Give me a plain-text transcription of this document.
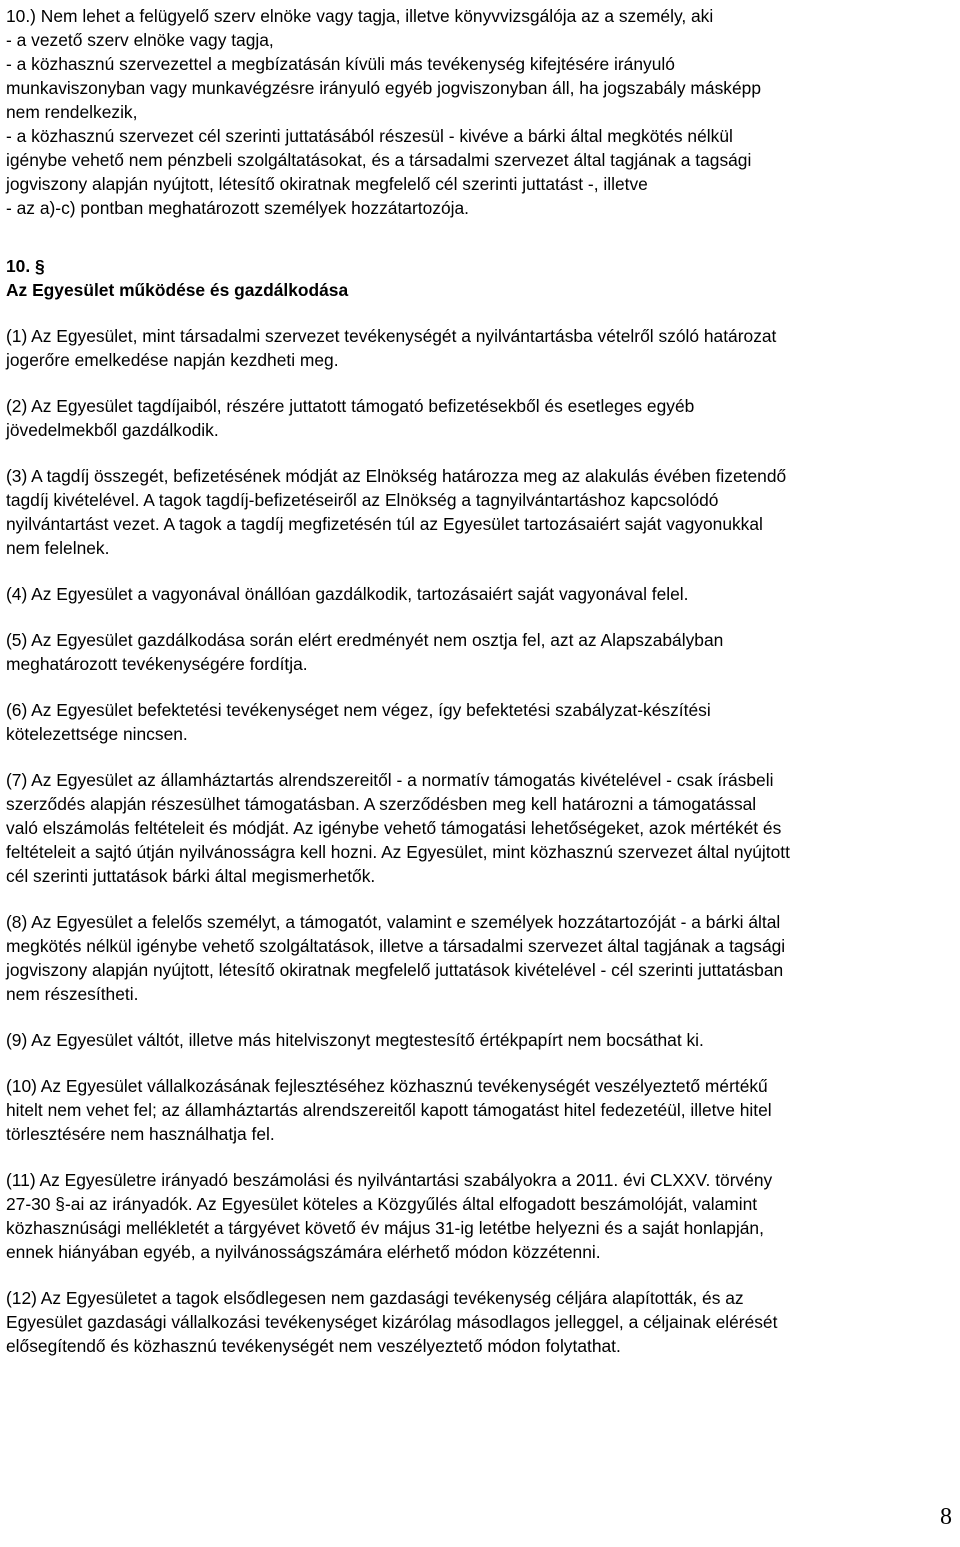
10.) Nem lehet a felügyelő szerv elnöke vagy tagja, illetve könyvvizsgálója az a személy, aki
- a vezető szerv elnöke vagy tagja,
- a közhasznú szervezettel a megbízatásán kívüli más tevékenység kifejtésére irányuló
munkaviszonyban vagy munkavégzésre irányuló egyéb jogviszonyban áll, ha jogszabály másképp
nem rendelkezik,
- a közhasznú szervezet cél szerinti juttatásából részesül - kivéve a bárki által megkötés nélkül
igénybe vehető nem pénzbeli szolgáltatásokat, és a társadalmi szervezet által tagjának a tagsági
jogviszony alapján nyújtott, létesítő okiratnak megfelelő cél szerinti juttatást -, illetve
- az a)-c) pontban meghatározott személyek hozzátartozója.
10. §
Az Egyesület működése és gazdálkodása
(1) Az Egyesület, mint társadalmi szervezet tevékenységét a nyilvántartásba vételről szóló határozat
jogerőre emelkedése napján kezdheti meg.
(2) Az Egyesület tagdíjaiból, részére juttatott támogató befizetésekből és esetleges egyéb
jövedelmekből gazdálkodik.
(3) A tagdíj összegét, befizetésének módját az Elnökség határozza meg az alakulás évében fizetendő
tagdíj kivételével. A tagok tagdíj-befizetéseiről az Elnökség a tagnyilvántartáshoz kapcsolódó
nyilvántartást vezet. A tagok a tagdíj megfizetésén túl az Egyesület tartozásaiért saját vagyonukkal
nem felelnek.
(4) Az Egyesület a vagyonával önállóan gazdálkodik, tartozásaiért saját vagyonával felel.
(5) Az Egyesület gazdálkodása során elért eredményét nem osztja fel, azt az Alapszabályban
meghatározott tevékenységére fordítja.
(6) Az Egyesület befektetési tevékenységet nem végez, így befektetési szabályzat-készítési
kötelezettsége nincsen.
(7) Az Egyesület az államháztartás alrendszereitől - a normatív támogatás kivételével - csak írásbeli
szerződés alapján részesülhet támogatásban. A szerződésben meg kell határozni a támogatással
való elszámolás feltételeit és módját. Az igénybe vehető támogatási lehetőségeket, azok mértékét és
feltételeit a sajtó útján nyilvánosságra kell hozni. Az Egyesület, mint közhasznú szervezet által nyújtott
cél szerinti juttatások bárki által megismerhetők.
(8) Az Egyesület a felelős személyt, a támogatót, valamint e személyek hozzátartozóját - a bárki által
megkötés nélkül igénybe vehető szolgáltatások, illetve a társadalmi szervezet által tagjának a tagsági
jogviszony alapján nyújtott, létesítő okiratnak megfelelő juttatások kivételével - cél szerinti juttatásban
nem részesítheti.
(9) Az Egyesület váltót, illetve más hitelviszonyt megtestesítő értékpapírt nem bocsáthat ki.
(10) Az Egyesület vállalkozásának fejlesztéséhez közhasznú tevékenységét veszélyeztető mértékű
hitelt nem vehet fel; az államháztartás alrendszereitől kapott támogatást hitel fedezetéül, illetve hitel
törlesztésére nem használhatja fel.
(11) Az Egyesületre irányadó beszámolási és nyilvántartási szabályokra a 2011. évi CLXXV. törvény
27-30 §-ai az irányadók. Az Egyesület köteles a Közgyűlés által elfogadott beszámolóját, valamint
közhasznúsági mellékletét a tárgyévet követő év május 31-ig letétbe helyezni és a saját honlapján,
ennek hiányában egyéb, a nyilvánosságszámára elérhető módon közzétenni.
(12) Az Egyesületet a tagok elsődlegesen nem gazdasági tevékenység céljára alapították, és az
Egyesület gazdasági vállalkozási tevékenységet kizárólag másodlagos jelleggel, a céljainak elérését
elősegítendő és közhasznú tevékenységét nem veszélyeztető módon folytathat.
8
